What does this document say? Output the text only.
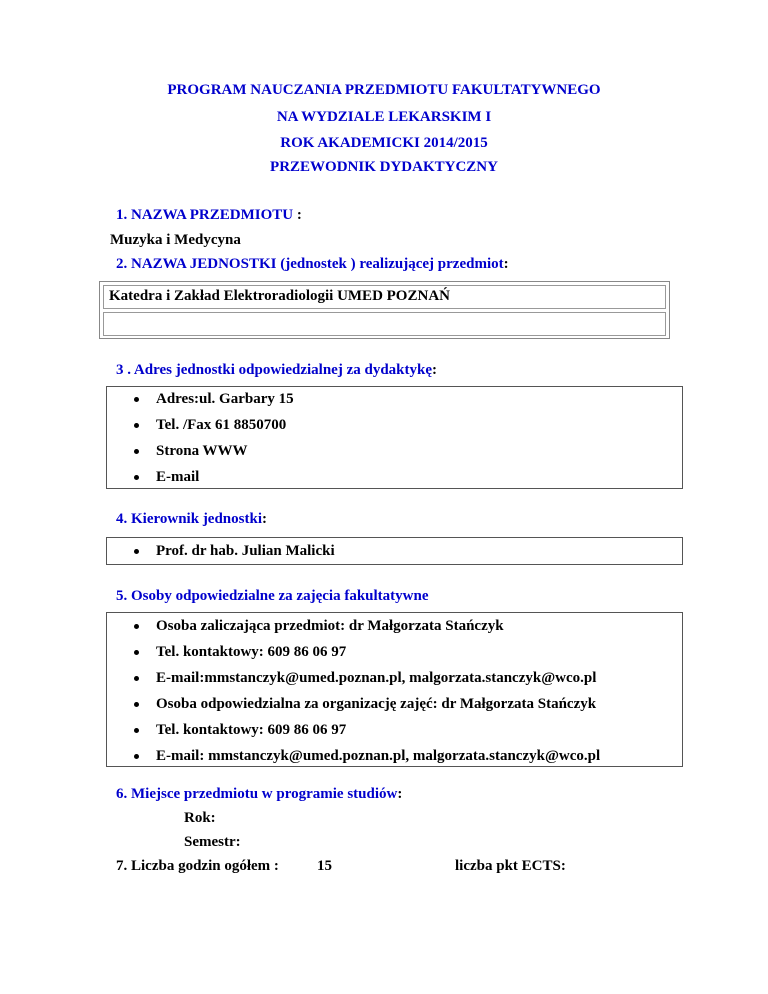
PROGRAM NAUCZANIA PRZEDMIOTU FAKULTATYWNEGO
NA WYDZIALE LEKARSKIM I
ROK AKADEMICKI 2014/2015
PRZEWODNIK DYDAKTYCZNY
1. NAZWA PRZEDMIOTU :
Muzyka i Medycyna
2. NAZWA JEDNOSTKI (jednostek ) realizującej przedmiot:
Katedra i Zakład Elektroradiologii UMED POZNAŃ
3 . Adres jednostki odpowiedzialnej za dydaktykę:
Adres:ul. Garbary 15
Tel. /Fax 61 8850700
Strona WWW
E-mail
4. Kierownik jednostki:
Prof. dr hab. Julian Malicki
5. Osoby odpowiedzialne za zajęcia fakultatywne
Osoba zaliczająca przedmiot: dr Małgorzata Stańczyk
Tel. kontaktowy: 609 86 06 97
E-mail:mmstanczyk@umed.poznan.pl, malgorzata.stanczyk@wco.pl
Osoba odpowiedzialna za organizację zajęć: dr Małgorzata Stańczyk
Tel. kontaktowy: 609 86 06 97
E-mail: mmstanczyk@umed.poznan.pl, malgorzata.stanczyk@wco.pl
6. Miejsce przedmiotu w programie studiów:
Rok:
Semestr:
7. Liczba godzin ogółem :	15	liczba pkt ECTS:
